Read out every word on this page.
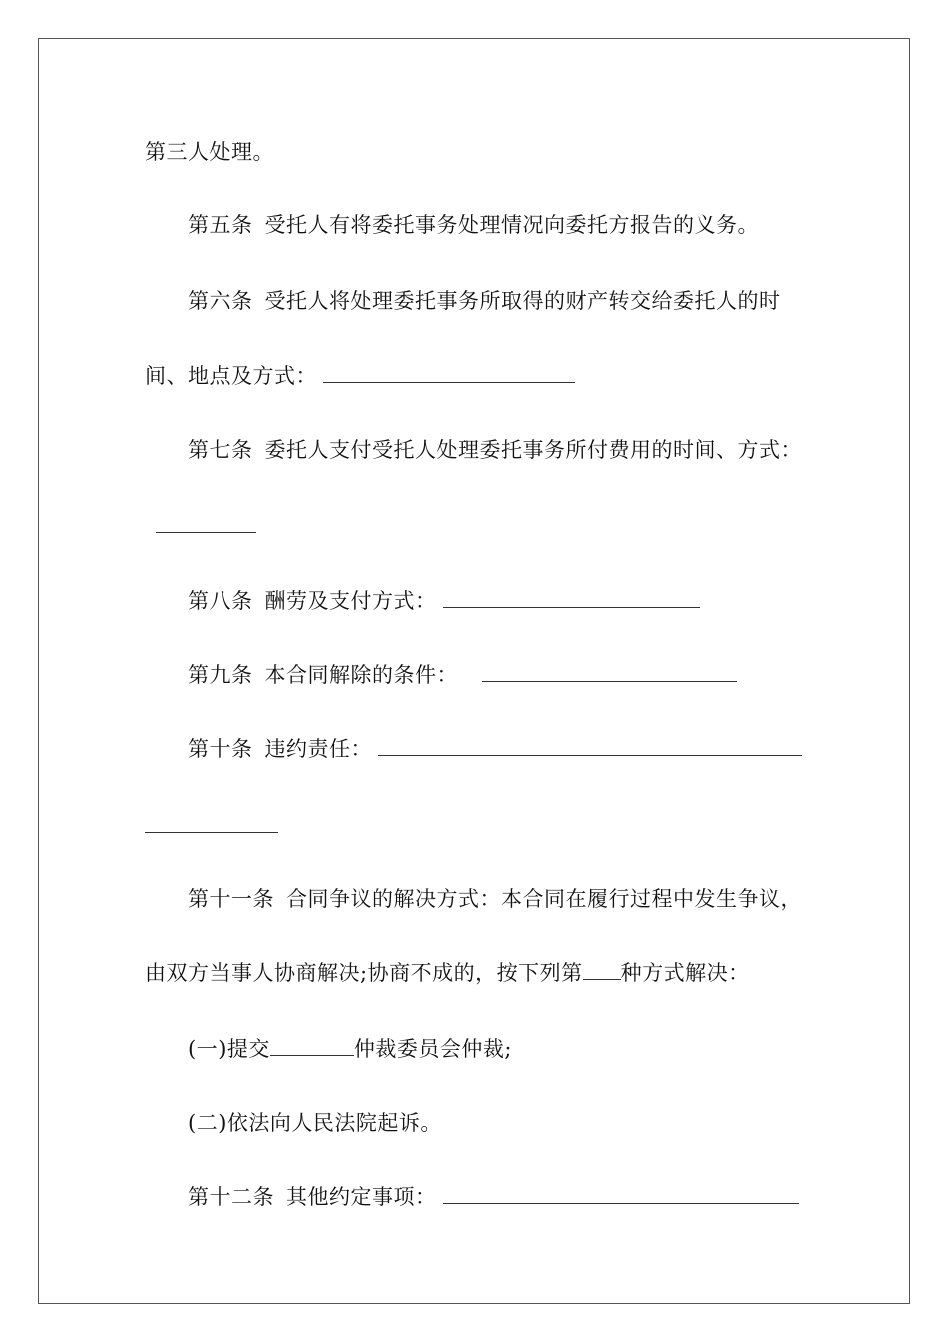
第三人处理。
第五条 受托人有将委托事务处理情况向委托方报告的义务。
第六条 受托人将处理委托事务所取得的财产转交给委托人的时
间、地点及方式：
第七条 委托人支付受托人处理委托事务所付费用的时间、方式：
第八条 酬劳及支付方式：
第九条 本合同解除的条件：
第十条 违约责任：
第十一条 合同争议的解决方式：本合同在履行过程中发生争议，
由双方当事人协商解决;协商不成的，按下列第 种方式解决：
(一)提交	仲裁委员会仲裁;
(二)依法向人民法院起诉。
第十二条 其他约定事项：
